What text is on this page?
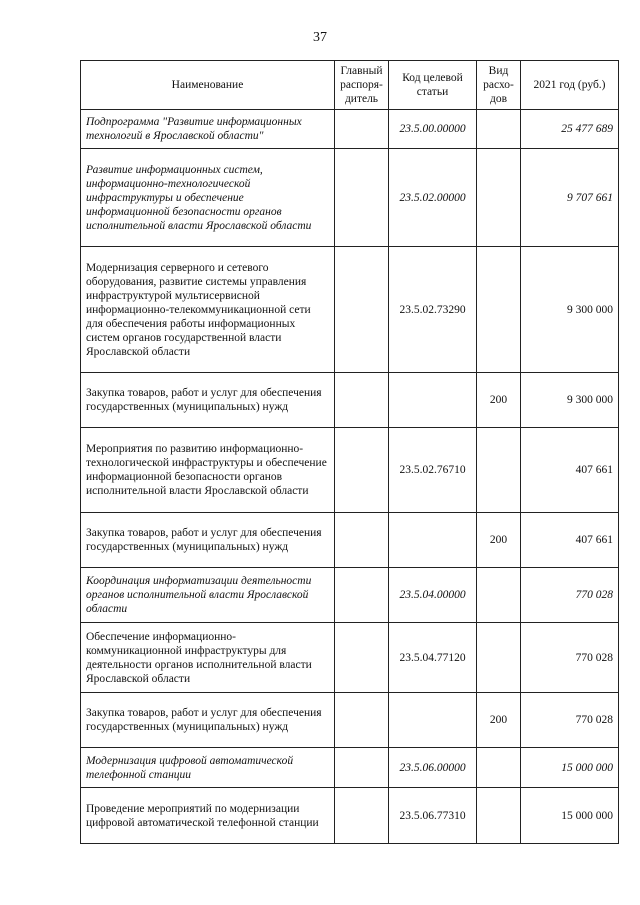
37
Наименование	Главный распоря-дитель	Код целевой статьи	Вид расхо-дов	2021 год (руб.)
Подпрограмма "Развитие информационных технологий в Ярославской области"		23.5.00.00000		25 477 689
Развитие информационных систем, информационно-технологической инфраструктуры и обеспечение информационной безопасности органов исполнительной власти Ярославской области		23.5.02.00000		9 707 661
Модернизация серверного и сетевого оборудования, развитие системы управления инфраструктурой мультисервисной информационно-телекоммуникационной сети для обеспечения работы информационных систем органов государственной власти Ярославской области		23.5.02.73290		9 300 000
Закупка товаров, работ и услуг для обеспечения государственных (муниципальных) нужд			200	9 300 000
Мероприятия по развитию информационно-технологической инфраструктуры и обеспечение информационной безопасности органов исполнительной власти Ярославской области		23.5.02.76710		407 661
Закупка товаров, работ и услуг для обеспечения государственных (муниципальных) нужд			200	407 661
Координация информатизации деятельности органов исполнительной власти Ярославской области		23.5.04.00000		770 028
Обеспечение информационно-коммуникационной инфраструктуры для деятельности органов исполнительной власти Ярославской области		23.5.04.77120		770 028
Закупка товаров, работ и услуг для обеспечения государственных (муниципальных) нужд			200	770 028
Модернизация цифровой автоматической телефонной станции		23.5.06.00000		15 000 000
Проведение мероприятий по модернизации цифровой автоматической телефонной станции		23.5.06.77310		15 000 000
